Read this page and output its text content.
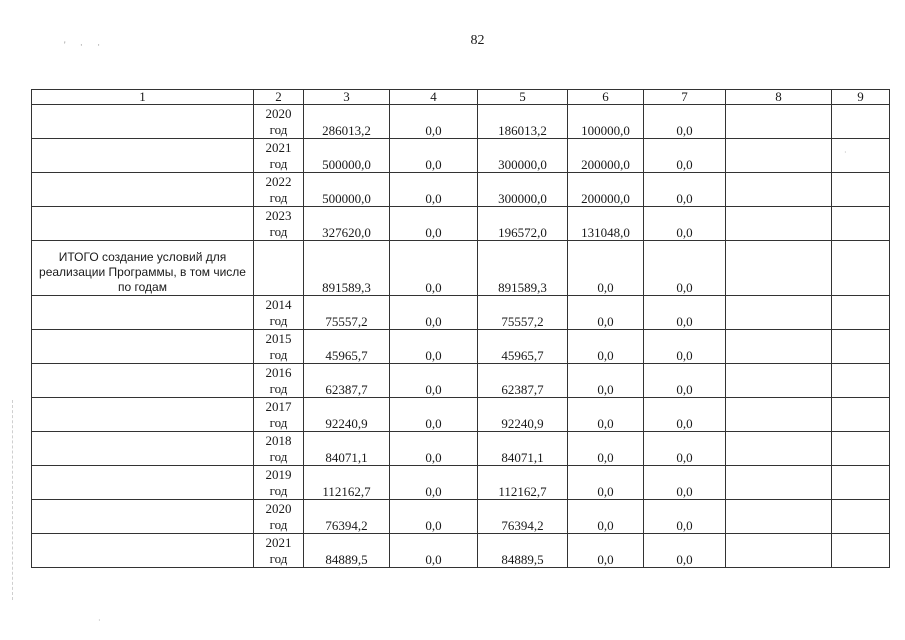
' · ·
·
·
82
1	2	3	4	5	6	7	8	9

	2020
год	286013,2	0,0	186013,2	100000,0	0,0		

	2021
год	500000,0	0,0	300000,0	200000,0	0,0		

	2022
год	500000,0	0,0	300000,0	200000,0	0,0		

	2023
год	327620,0	0,0	196572,0	131048,0	0,0		
ИТОГО создание условий для реализации Программы, в том числе по годам		891589,3	0,0	891589,3	0,0	0,0		

	2014
год	75557,2	0,0	75557,2	0,0	0,0		

	2015
год	45965,7	0,0	45965,7	0,0	0,0		

	2016
год	62387,7	0,0	62387,7	0,0	0,0		

	2017
год	92240,9	0,0	92240,9	0,0	0,0		

	2018
год	84071,1	0,0	84071,1	0,0	0,0		

	2019
год	112162,7	0,0	112162,7	0,0	0,0		

	2020
год	76394,2	0,0	76394,2	0,0	0,0		

	2021
год	84889,5	0,0	84889,5	0,0	0,0		
